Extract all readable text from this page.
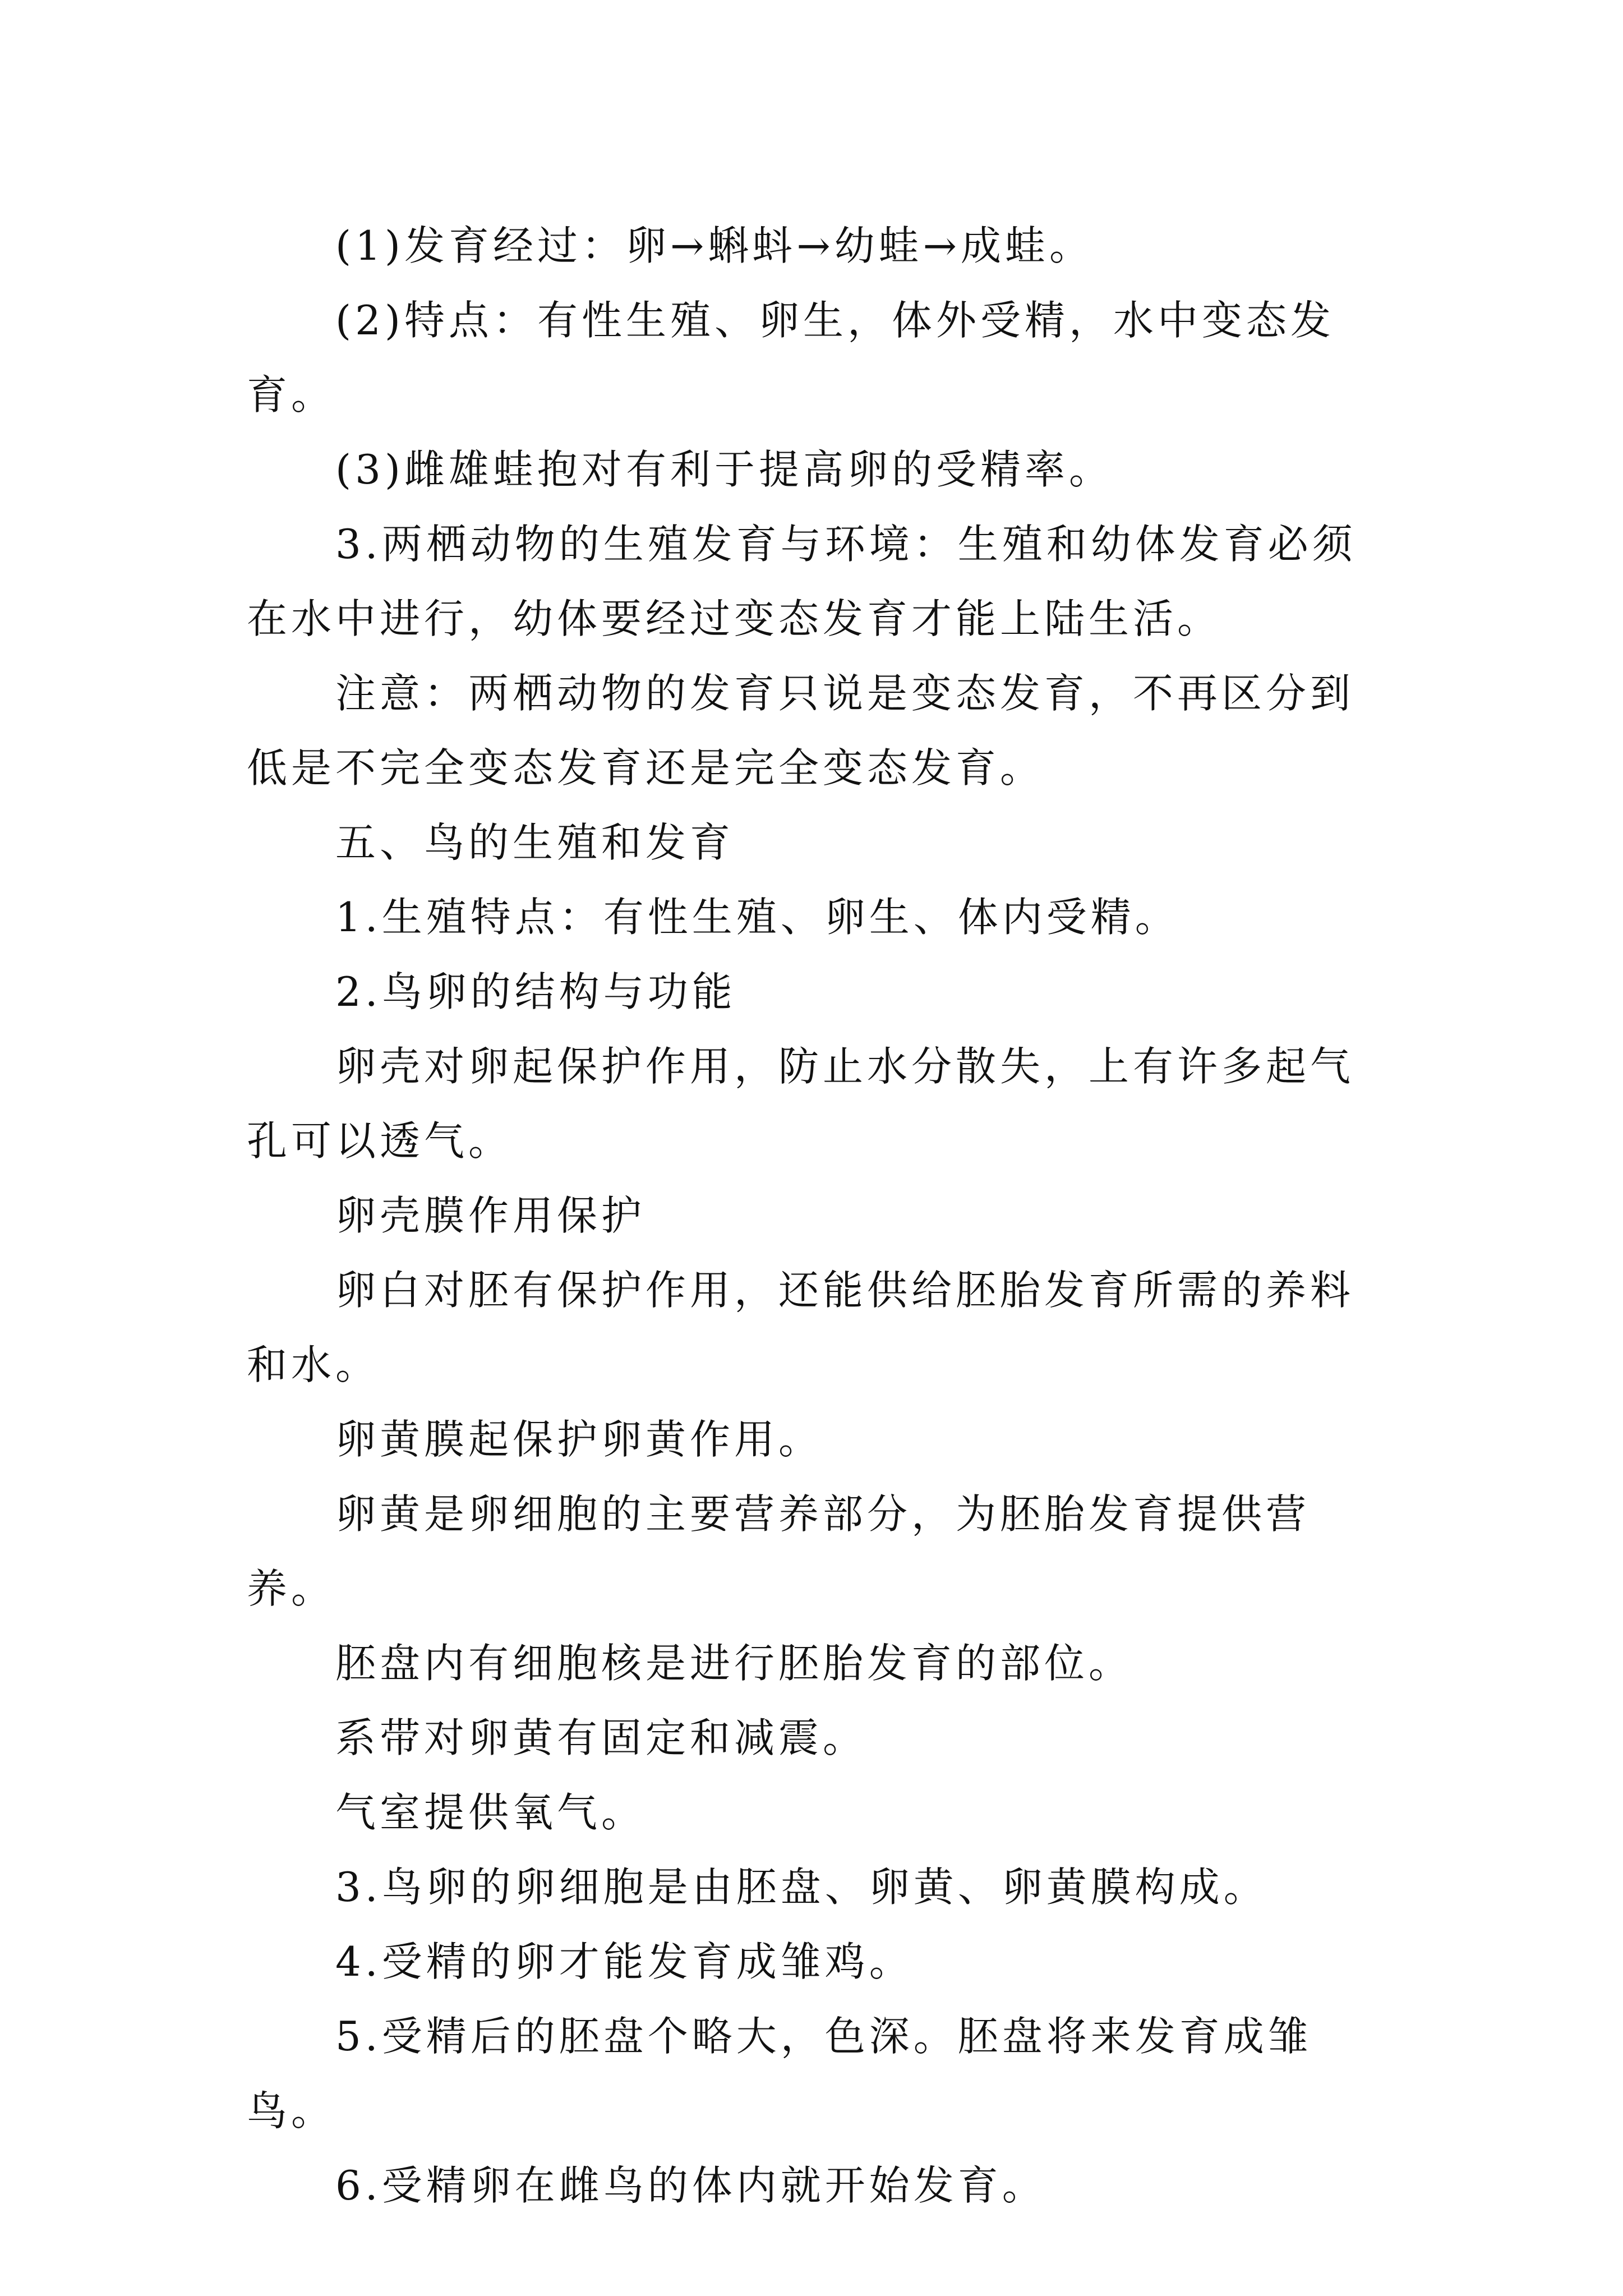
(1)发育经过：卵→蝌蚪→幼蛙→成蛙。

(2)特点：有性生殖、卵生，体外受精，水中变态发育。

(3)雌雄蛙抱对有利于提高卵的受精率。

3.两栖动物的生殖发育与环境：生殖和幼体发育必须在水中进行，幼体要经过变态发育才能上陆生活。

注意：两栖动物的发育只说是变态发育，不再区分到低是不完全变态发育还是完全变态发育。

五、鸟的生殖和发育

1.生殖特点：有性生殖、卵生、体内受精。

2.鸟卵的结构与功能

卵壳对卵起保护作用，防止水分散失，上有许多起气孔可以透气。

卵壳膜作用保护

卵白对胚有保护作用，还能供给胚胎发育所需的养料和水。

卵黄膜起保护卵黄作用。

卵黄是卵细胞的主要营养部分，为胚胎发育提供营养。

胚盘内有细胞核是进行胚胎发育的部位。

系带对卵黄有固定和减震。

气室提供氧气。

3.鸟卵的卵细胞是由胚盘、卵黄、卵黄膜构成。

4.受精的卵才能发育成雏鸡。

5.受精后的胚盘个略大，色深。胚盘将来发育成雏鸟。

6.受精卵在雌鸟的体内就开始发育。
